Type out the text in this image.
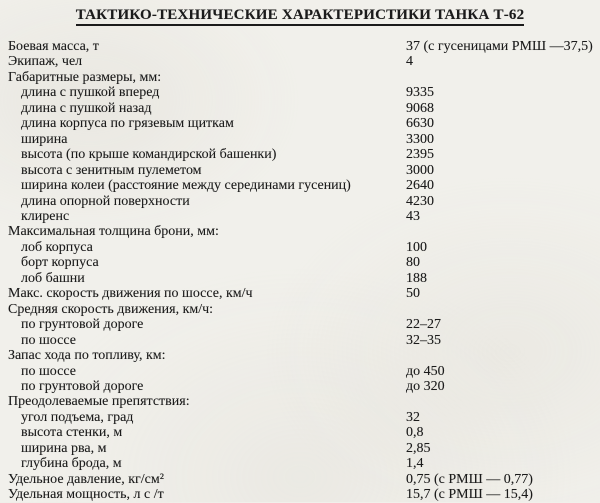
ТАКТИКО-ТЕХНИЧЕСКИЕ ХАРАКТЕРИСТИКИ ТАНКА Т-62
Боевая масса, т	37 (с гусеницами РМШ —37,5)
Экипаж, чел	4
Габаритные размеры, мм:
длина с пушкой вперед	9335
длина с пушкой назад	9068
длина корпуса по грязевым щиткам	6630
ширина	3300
высота (по крыше командирской башенки)	2395
высота с зенитным пулеметом	3000
ширина колеи (расстояние между серединами гусениц)	2640
длина опорной поверхности	4230
клиренс	43
Максимальная толщина брони, мм:
лоб корпуса	100
борт корпуса	80
лоб башни	188
Макс. скорость движения по шоссе, км/ч	50
Средняя скорость движения, км/ч:
по грунтовой дороге	22–27
по шоссе	32–35
Запас хода по топливу, км:
по шоссе	до 450
по грунтовой дороге	до 320
Преодолеваемые препятствия:
угол подъема, град	32
высота стенки, м	0,8
ширина рва, м	2,85
глубина брода, м	1,4
Удельное давление, кг/см²	0,75 (с РМШ — 0,77)
Удельная мощность, л с /т	15,7 (с РМШ — 15,4)
